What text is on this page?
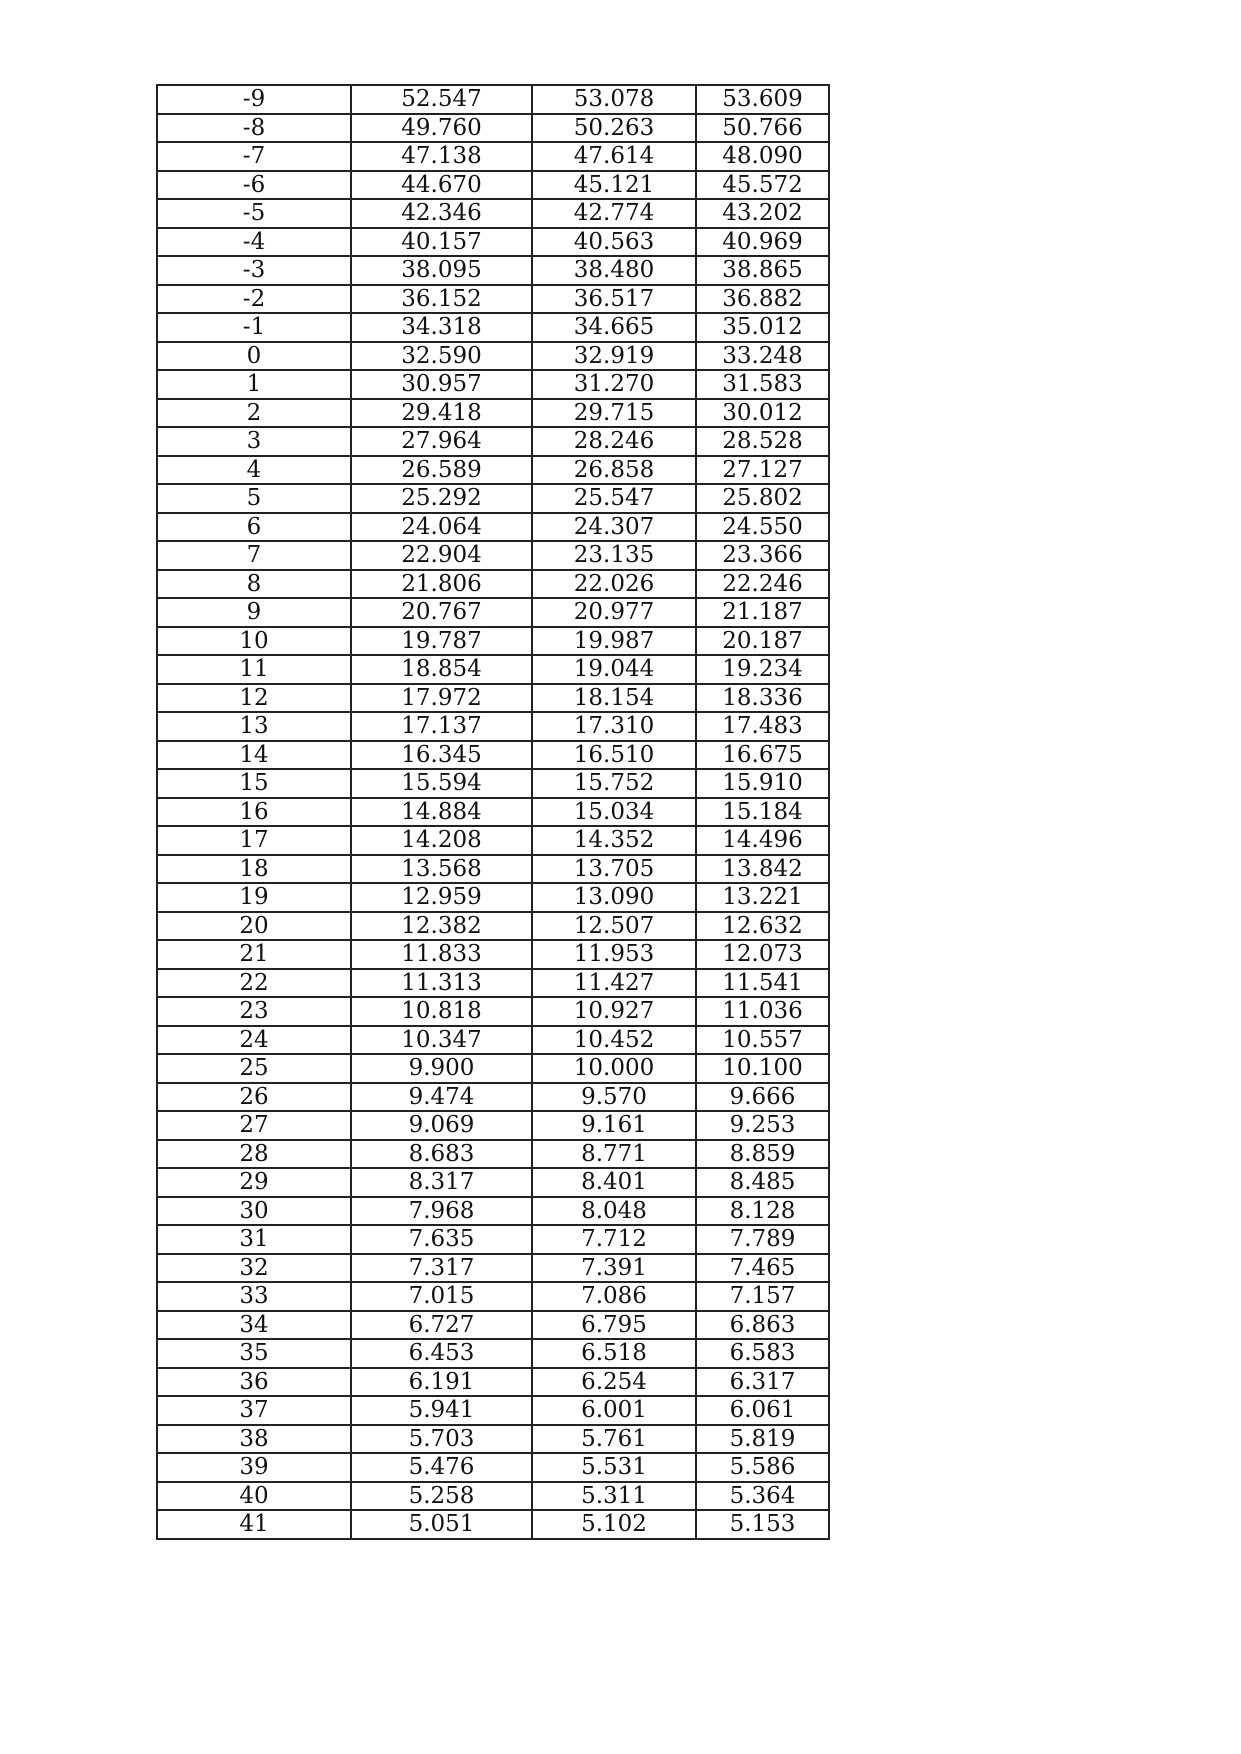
-9	52.547	53.078	53.609
-8	49.760	50.263	50.766
-7	47.138	47.614	48.090
-6	44.670	45.121	45.572
-5	42.346	42.774	43.202
-4	40.157	40.563	40.969
-3	38.095	38.480	38.865
-2	36.152	36.517	36.882
-1	34.318	34.665	35.012
0	32.590	32.919	33.248
1	30.957	31.270	31.583
2	29.418	29.715	30.012
3	27.964	28.246	28.528
4	26.589	26.858	27.127
5	25.292	25.547	25.802
6	24.064	24.307	24.550
7	22.904	23.135	23.366
8	21.806	22.026	22.246
9	20.767	20.977	21.187
10	19.787	19.987	20.187
11	18.854	19.044	19.234
12	17.972	18.154	18.336
13	17.137	17.310	17.483
14	16.345	16.510	16.675
15	15.594	15.752	15.910
16	14.884	15.034	15.184
17	14.208	14.352	14.496
18	13.568	13.705	13.842
19	12.959	13.090	13.221
20	12.382	12.507	12.632
21	11.833	11.953	12.073
22	11.313	11.427	11.541
23	10.818	10.927	11.036
24	10.347	10.452	10.557
25	9.900	10.000	10.100
26	9.474	9.570	9.666
27	9.069	9.161	9.253
28	8.683	8.771	8.859
29	8.317	8.401	8.485
30	7.968	8.048	8.128
31	7.635	7.712	7.789
32	7.317	7.391	7.465
33	7.015	7.086	7.157
34	6.727	6.795	6.863
35	6.453	6.518	6.583
36	6.191	6.254	6.317
37	5.941	6.001	6.061
38	5.703	5.761	5.819
39	5.476	5.531	5.586
40	5.258	5.311	5.364
41	5.051	5.102	5.153
